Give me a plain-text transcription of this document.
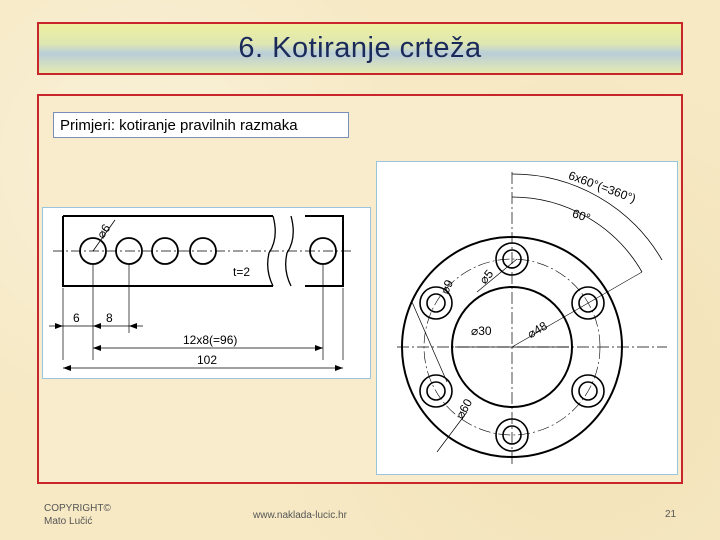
6. Kotiranje crteža
Primjeri: kotiranje pravilnih razmaka
⌀6
t=2
6 8
12x8(=96)
102
6x60°(=360°)
60°
⌀5
⌀9
⌀30	⌀48
⌀60
COPYRIGHT©
Mato Lučić
www.naklada-lucic.hr	21
